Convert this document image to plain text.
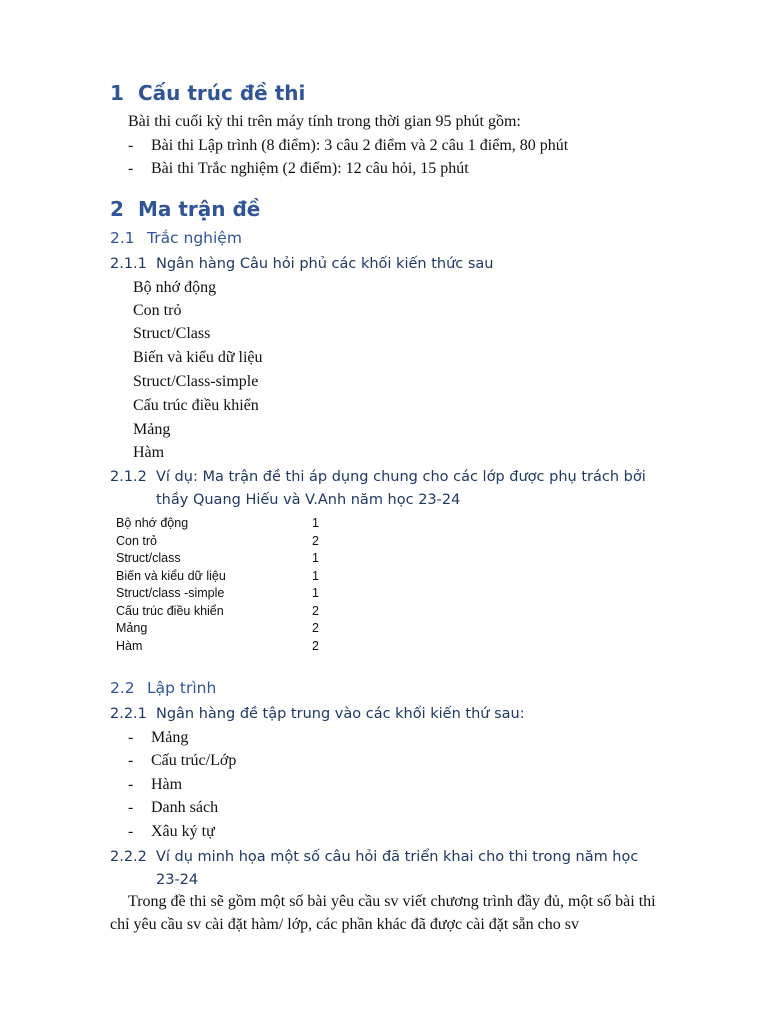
1 Cấu trúc đề thi
Bài thi cuối kỳ thi trên máy tính trong thời gian 95 phút gồm:
- Bài thi Lập trình (8 điểm): 3 câu 2 điểm và 2 câu 1 điểm, 80 phút
- Bài thi Trắc nghiệm (2 điểm): 12 câu hỏi, 15 phút
2 Ma trận đề
2.1 Trắc nghiệm
2.1.1 Ngân hàng Câu hỏi phủ các khối kiến thức sau
Bộ nhớ động
Con trỏ
Struct/Class
Biến và kiểu dữ liệu
Struct/Class-simple
Cấu trúc điều khiển
Mảng
Hàm
2.1.2 Ví dụ: Ma trận đề thi áp dụng chung cho các lớp được phụ trách bởi
thầy Quang Hiếu và V.Anh năm học 23-24
Bộ nhớ động	1
Con trỏ	2
Struct/class	1
Biến và kiểu dữ liệu	1
Struct/class -simple	1
Cấu trúc điều khiển	2
Mảng	2
Hàm	2
2.2 Lập trình
2.2.1 Ngân hàng đề tập trung vào các khối kiến thứ sau:
- Mảng
- Cấu trúc/Lớp
- Hàm
- Danh sách
- Xâu ký tự
2.2.2 Ví dụ minh họa một số câu hỏi đã triển khai cho thi trong năm học
23-24
Trong đề thi sẽ gồm một số bài yêu cầu sv viết chương trình đầy đủ, một số bài thi
chỉ yêu cầu sv cài đặt hàm/ lớp, các phần khác đã được cài đặt sẵn cho sv
